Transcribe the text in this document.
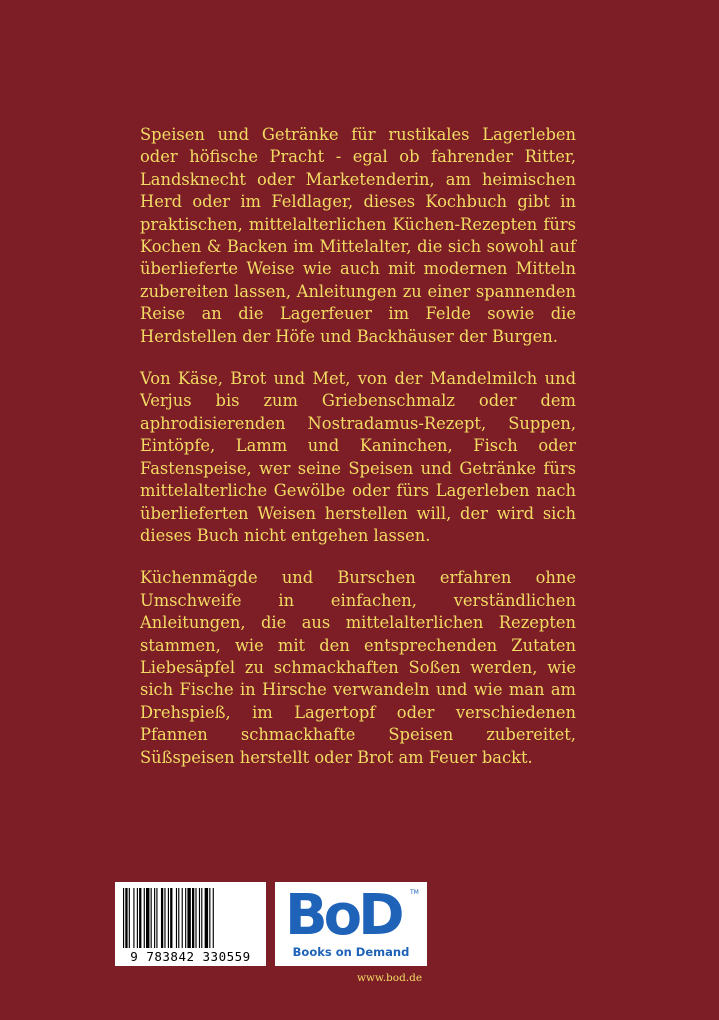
Speisen und Getränke für rustikales Lagerleben oder höfische Pracht - egal ob fahrender Ritter, Landsknecht oder Marketenderin, am heimischen Herd oder im Feldlager, dieses Kochbuch gibt in praktischen, mittelalterlichen Küchen-Rezepten fürs Kochen & Backen im Mittelalter, die sich sowohl auf überlieferte Weise wie auch mit modernen Mitteln zubereiten lassen, Anleitungen zu einer spannenden Reise an die Lagerfeuer im Felde sowie die Herdstellen der Höfe und Backhäuser der Burgen.

Von Käse, Brot und Met, von der Mandelmilch und Verjus bis zum Griebenschmalz oder dem aphrodisierenden Nostradamus-Rezept, Suppen, Eintöpfe, Lamm und Kaninchen, Fisch oder Fastenspeise, wer seine Speisen und Getränke fürs mittelalterliche Gewölbe oder fürs Lagerleben nach überlieferten Weisen herstellen will, der wird sich dieses Buch nicht entgehen lassen.

Küchenmägde und Burschen erfahren ohne Umschweife in einfachen, verständlichen Anleitungen, die aus mittelalterlichen Rezepten stammen, wie mit den entsprechenden Zutaten Liebesäpfel zu schmackhaften Soßen werden, wie sich Fische in Hirsche verwandeln und wie man am Drehspieß, im Lagertopf oder verschiedenen Pfannen schmackhafte Speisen zubereitet, Süßspeisen herstellt oder Brot am Feuer backt.

9 783842 330559
BoD TM
Books on Demand
www.bod.de
